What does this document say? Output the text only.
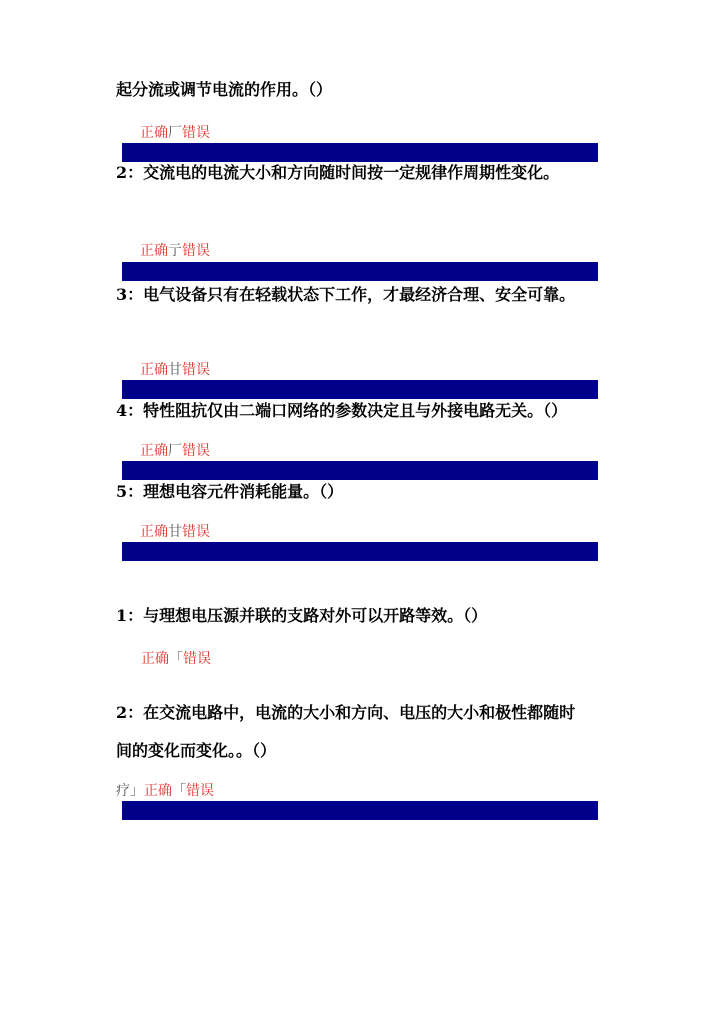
起分流或调节电流的作用。（）
正确厂错误
2：交流电的电流大小和方向随时间按一定规律作周期性变化。
正确亍错误
3：电气设备只有在轻载状态下工作，才最经济合理、安全可靠。
正确甘错误
4：特性阻抗仅由二端口网络的参数决定且与外接电路无关。（）
正确厂错误
5：理想电容元件消耗能量。（）
正确甘错误
1：与理想电压源并联的支路对外可以开路等效。（）
正确「错误
2：在交流电路中，电流的大小和方向、电压的大小和极性都随时
间的变化而变化。。（）
疗」正确「错误
